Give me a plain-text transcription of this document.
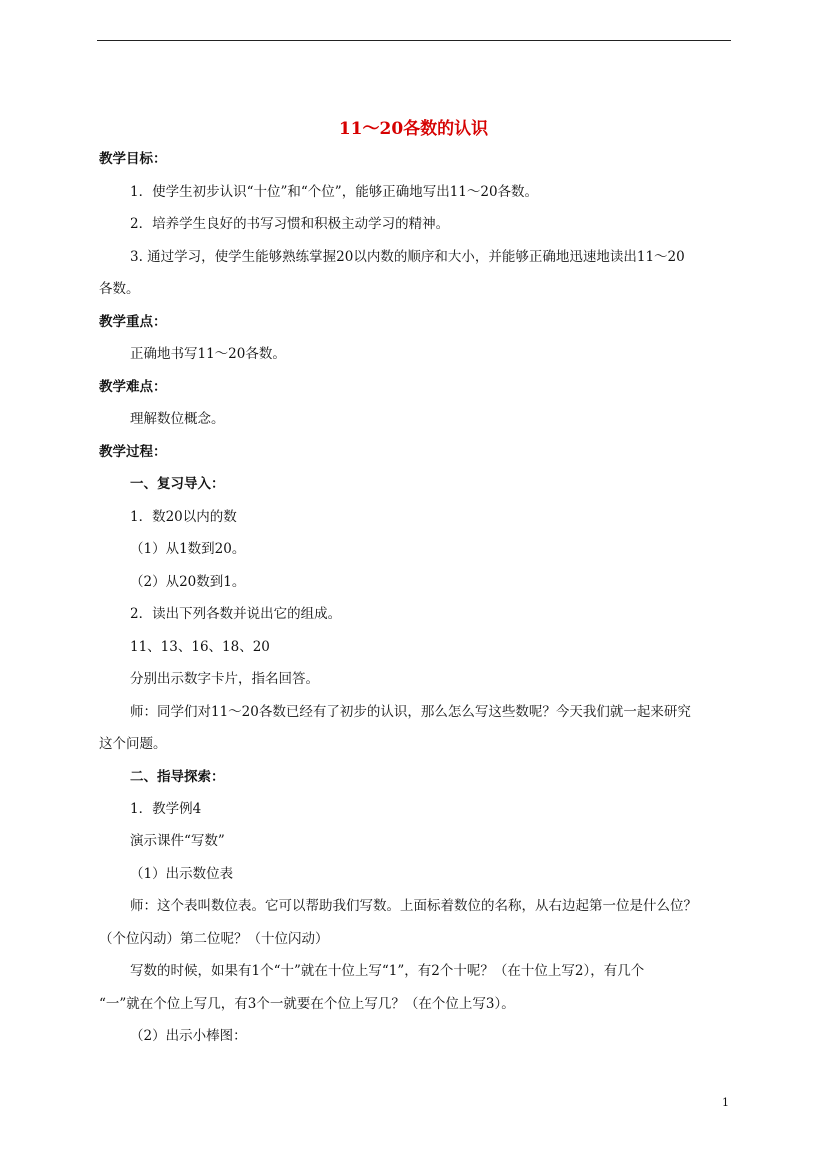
11～20各数的认识
教学目标：
1．使学生初步认识“十位”和“个位”，能够正确地写出11～20各数。
2．培养学生良好的书写习惯和积极主动学习的精神。
3. 通过学习，使学生能够熟练掌握20以内数的顺序和大小，并能够正确地迅速地读出11～20
各数。
教学重点：
正确地书写11～20各数。
教学难点：
理解数位概念。
教学过程：
一、复习导入：
1．数20以内的数
（1）从1数到20。
（2）从20数到1。
2．读出下列各数并说出它的组成。
11、13、16、18、20
分别出示数字卡片，指名回答。
师：同学们对11～20各数已经有了初步的认识，那么怎么写这些数呢？今天我们就一起来研究
这个问题。
二、指导探索：
1．教学例4
演示课件“写数”
（1）出示数位表
师：这个表叫数位表。它可以帮助我们写数。上面标着数位的名称，从右边起第一位是什么位？
（个位闪动）第二位呢？（十位闪动）
写数的时候，如果有1个“十”就在十位上写“1”，有2个十呢？（在十位上写2），有几个
“一”就在个位上写几，有3个一就要在个位上写几？（在个位上写3）。
（2）出示小棒图：
1
